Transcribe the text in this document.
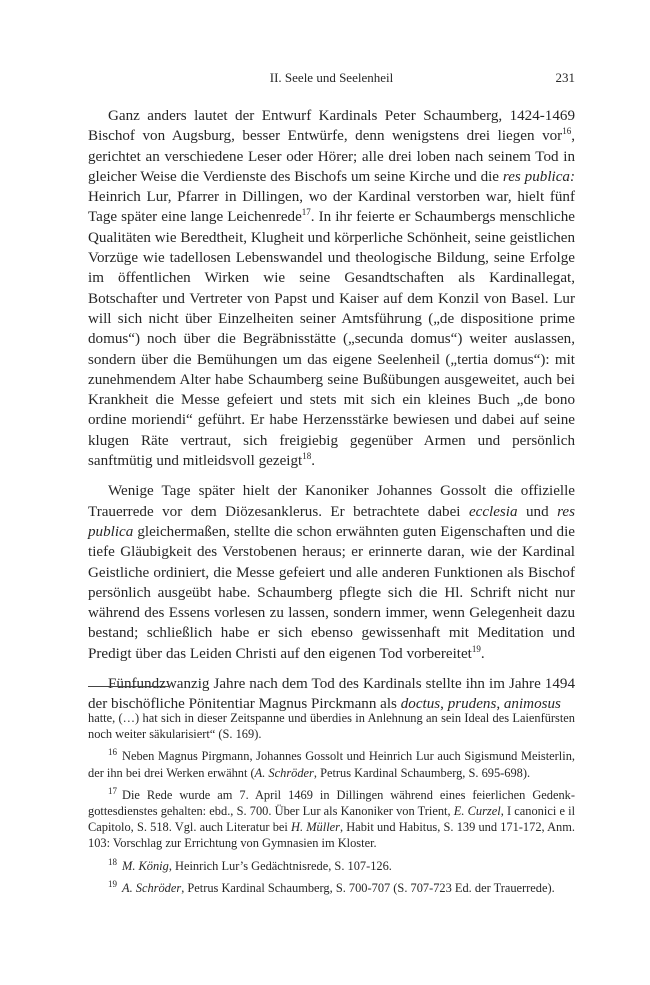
II. Seele und Seelenheil	231

Ganz anders lautet der Entwurf Kardinals Peter Schaumberg, 1424-1469 Bischof von Augsburg, besser Entwürfe, denn wenigstens drei liegen vor$^{16}$, gerichtet an verschiedene Leser oder Hörer; alle drei loben nach seinem Tod in gleicher Weise die Verdienste des Bischofs um seine Kirche und die res publica: Heinrich Lur, Pfarrer in Dillingen, wo der Kardinal verstorben war, hielt fünf Tage später eine lange Leichenrede$^{17}$. In ihr feierte er Schaumbergs menschliche Qualitäten wie Beredtheit, Klugheit und körperliche Schönheit, seine geistlichen Vorzüge wie tadellosen Lebenswandel und theologische Bildung, seine Erfolge im öffentlichen Wirken wie seine Gesandtschaften als Kardinallegat, Botschafter und Vertreter von Papst und Kaiser auf dem Konzil von Basel. Lur will sich nicht über Einzelheiten seiner Amtsführung („de dispositione prime domus“) noch über die Begräbnisstätte („secunda domus“) weiter auslassen, sondern über die Bemühungen um das eigene Seelenheil („tertia domus“): mit zunehmendem Alter habe Schaumberg seine Bußübungen ausgeweitet, auch bei Krankheit die Messe gefeiert und stets mit sich ein kleines Buch „de bono ordine moriendi“ geführt. Er habe Herzensstärke bewiesen und dabei auf seine klugen Räte vertraut, sich freigiebig gegenüber Armen und persönlich sanftmütig und mitleidsvoll gezeigt$^{18}$.

Wenige Tage später hielt der Kanoniker Johannes Gossolt die offizielle Trauerrede vor dem Diözesanklerus. Er betrachtete dabei ecclesia und res publica gleichermaßen, stellte die schon erwähnten guten Eigenschaften und die tiefe Gläubigkeit des Verstobenen heraus; er erinnerte daran, wie der Kardinal Geistliche ordiniert, die Messe gefeiert und alle anderen Funktionen als Bischof persönlich ausgeübt habe. Schaumberg pflegte sich die Hl. Schrift nicht nur während des Essens vorlesen zu lassen, sondern immer, wenn Gelegenheit dazu bestand; schließlich habe er sich ebenso gewissenhaft mit Meditation und Predigt über das Leiden Christi auf den eigenen Tod vorbereitet$^{19}$.

Fünfundzwanzig Jahre nach dem Tod des Kardinals stellte ihn im Jahre 1494 der bischöfliche Pönitentiar Magnus Pirckmann als doctus, prudens, animosus

hatte, (…) hat sich in dieser Zeitspanne und überdies in Anlehnung an sein Ideal des Laienfürsten noch weiter säkularisiert“ (S. 169).

$^{16}$ Neben Magnus Pirgmann, Johannes Gossolt und Heinrich Lur auch Sigismund Meisterlin, der ihn bei drei Werken erwähnt (A. Schröder, Petrus Kardinal Schaumberg, S. 695-698).

$^{17}$ Die Rede wurde am 7. April 1469 in Dillingen während eines feierlichen Gedenkgottesdienstes gehalten: ebd., S. 700. Über Lur als Kanoniker von Trient, E. Curzel, I canonici e il Capitolo, S. 518. Vgl. auch Literatur bei H. Müller, Habit und Habitus, S. 139 und 171-172, Anm. 103: Vorschlag zur Errichtung von Gymnasien im Kloster.

$^{18}$ M. König, Heinrich Lur’s Gedächtnisrede, S. 107-126.

$^{19}$ A. Schröder, Petrus Kardinal Schaumberg, S. 700-707 (S. 707-723 Ed. der Trauerrede).
